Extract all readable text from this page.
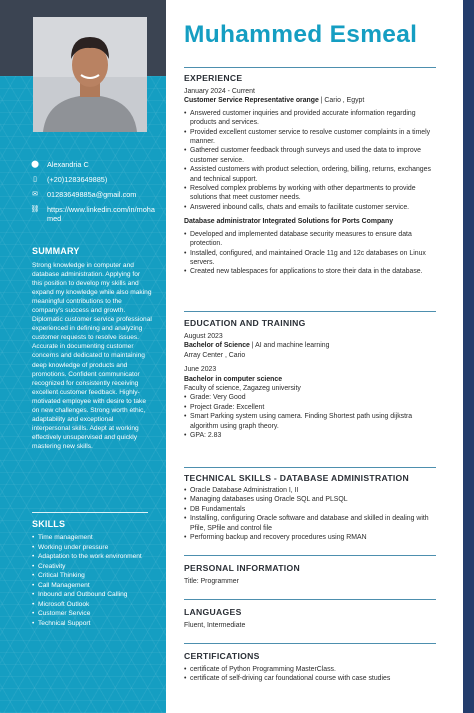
⬤ Alexandria C
▯	(+20)1283649885)
✉ 01283649885a@gmail.com
⛓ https://www.linkedin.com/in/mohamed
SUMMARY
Strong knowledge in computer and database administration. Applying for this position to develop my skills and expand my knowledge while also making meaningful contributions to the company's success and growth. Diplomatic customer service professional experienced in defining and analyzing customer requests to resolve issues. Accurate in documenting customer concerns and dedicated to maintaining deep knowledge of products and promotions. Confident communicator recognized for consistently receiving excellent customer feedback. Highly-motivated employee with desire to take on new challenges. Strong worth ethic, adaptability and exceptional interpersonal skills. Adept at working effectively unsupervised and quickly mastering new skills.
SKILLS
• Time management
• Working under pressure
• Adaptation to the work environment
• Creativity
• Critical Thinking
• Call Management
• Inbound and Outbound Calling
• Microsoft Outlook
• Customer Service
• Technical Support
Muhammed Esmeal
EXPERIENCE
January 2024 - Current
Customer Service Representative orange | Cario , Egypt
• Answered customer inquiries and provided accurate information regarding products and services.
• Provided excellent customer service to resolve customer complaints in a timely manner.
• Gathered customer feedback through surveys and used the data to improve customer service.
• Assisted customers with product selection, ordering, billing, returns, exchanges and technical support.
• Resolved complex problems by working with other departments to provide solutions that meet customer needs.
• Answered inbound calls, chats and emails to facilitate customer service.
Database administrator Integrated Solutions for Ports Company
• Developed and implemented database security measures to ensure data protection.
• Installed, configured, and maintained Oracle 11g and 12c databases on Linux servers.
• Created new tablespaces for applications to store their data in the database.
EDUCATION AND TRAINING
August 2023
Bachelor of Science | AI and machine learning
Array Center , Cario
June 2023
Bachelor in computer science
Faculty of science, Zagazeg university
• Grade: Very Good
• Project Grade: Excellent
• Smart Parking system using camera. Finding Shortest path using dijkstra algorithm using graph theory.
• GPA: 2.83
TECHNICAL SKILLS - DATABASE ADMINISTRATION
• Oracle Database Administration I, II
• Managing databases using Oracle SQL and PLSQL
• DB Fundamentals
• Installing, configuring Oracle software and database and skilled in dealing with Pfile, SPfile and control file
• Performing backup and recovery procedures using RMAN
PERSONAL INFORMATION
Title: Programmer
LANGUAGES
Fluent, Intermediate
CERTIFICATIONS
• certificate of Python Programming MasterClass.
• certificate of self-driving car foundational course with case studies
